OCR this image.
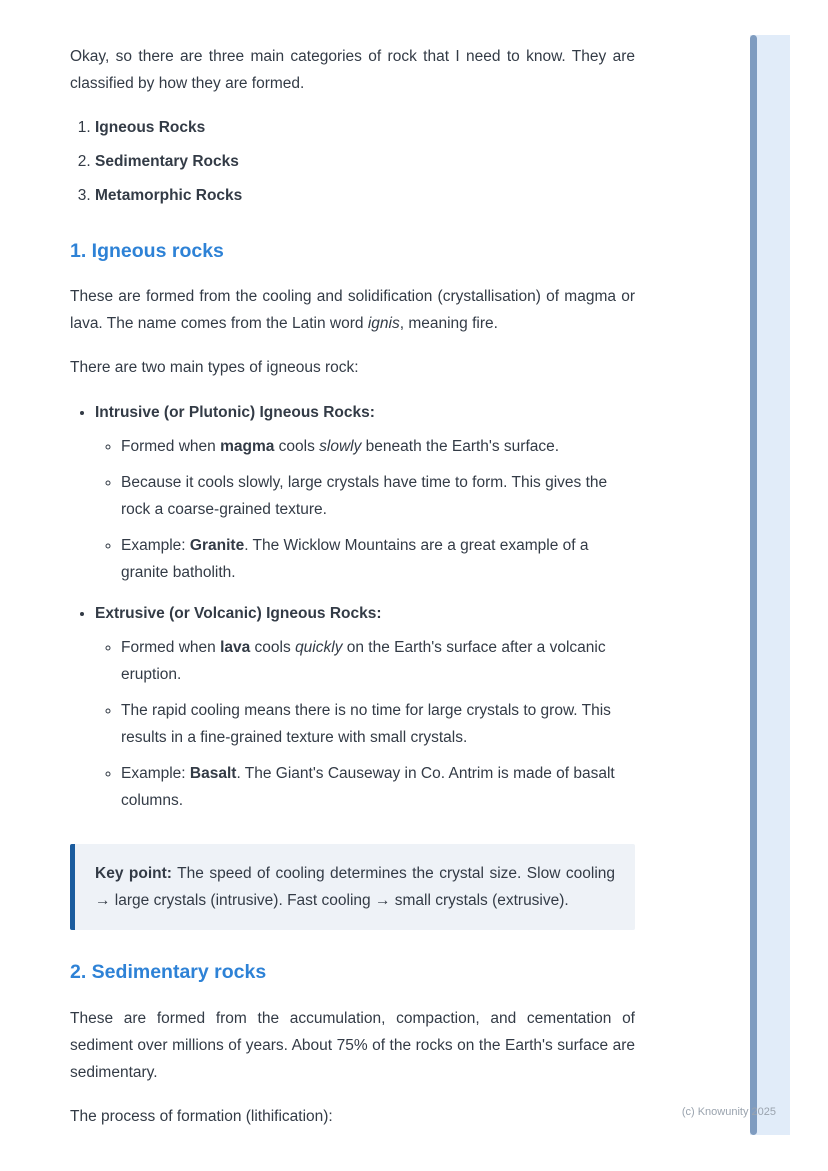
Okay, so there are three main categories of rock that I need to know. They are classified by how they are formed.

1. Igneous Rocks
2. Sedimentary Rocks
3. Metamorphic Rocks
1. Igneous rocks

These are formed from the cooling and solidification (crystallisation) of magma or lava. The name comes from the Latin word ignis, meaning fire.

There are two main types of igneous rock:

• Intrusive (or Plutonic) Igneous Rocks:
◦ Formed when magma cools slowly beneath the Earth's surface.
◦ Because it cools slowly, large crystals have time to form. This gives the rock a coarse-grained texture.
◦ Example: Granite. The Wicklow Mountains are a great example of a granite batholith.
• Extrusive (or Volcanic) Igneous Rocks:
◦ Formed when lava cools quickly on the Earth's surface after a volcanic eruption.
◦ The rapid cooling means there is no time for large crystals to grow. This results in a fine-grained texture with small crystals.
◦ Example: Basalt. The Giant's Causeway in Co. Antrim is made of basalt columns.
Key point: The speed of cooling determines the crystal size. Slow cooling → large crystals (intrusive). Fast cooling → small crystals (extrusive).
2. Sedimentary rocks

These are formed from the accumulation, compaction, and cementation of sediment over millions of years. About 75% of the rocks on the Earth's surface are sedimentary.

The process of formation (lithification):	(c) Knowunity 2025
